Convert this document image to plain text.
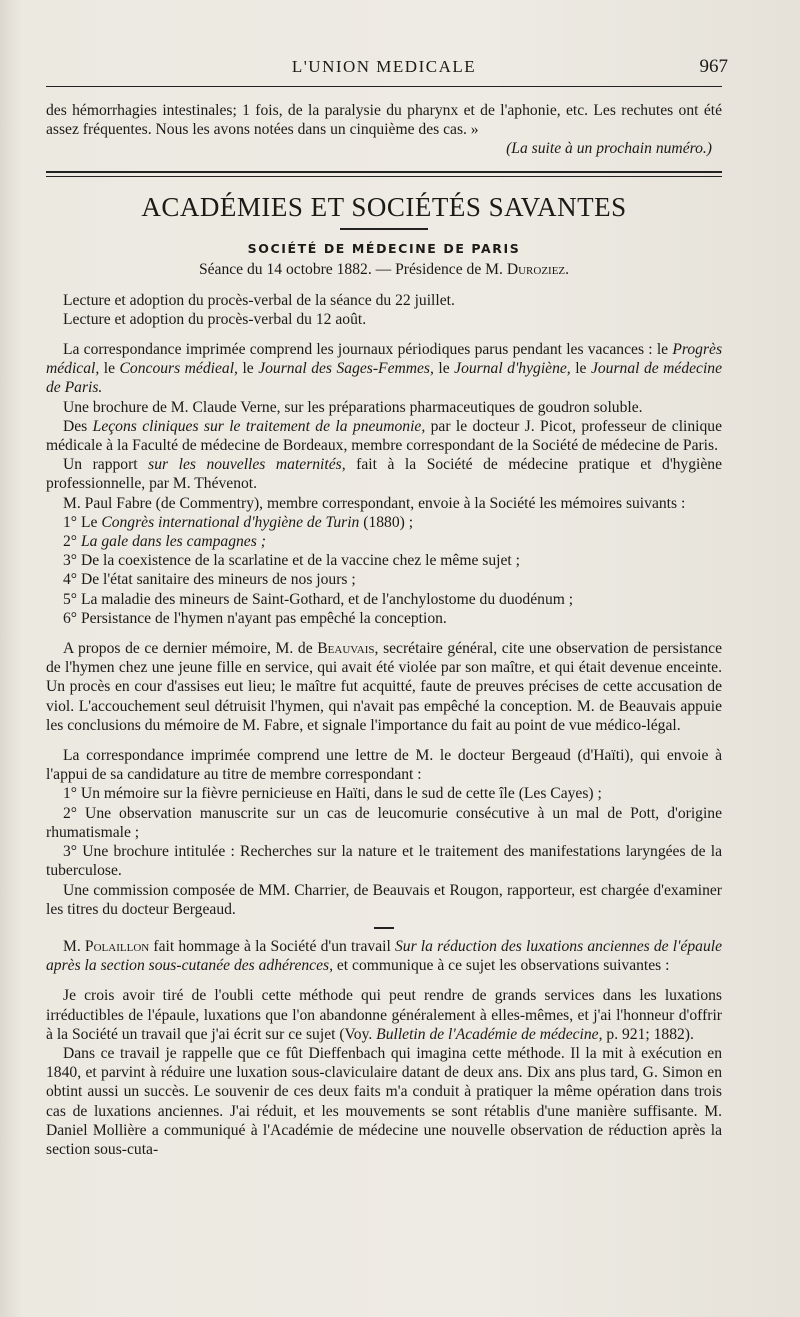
L'UNION MEDICALE	967

des hémorrhagies intestinales; 1 fois, de la paralysie du pharynx et de l'aphonie, etc. Les rechutes ont été assez fréquentes. Nous les avons notées dans un cinquième des cas. »

(La suite à un prochain numéro.)

ACADÉMIES ET SOCIÉTÉS SAVANTES
SOCIÉTÉ DE MÉDECINE DE PARIS
Séance du 14 octobre 1882. — Présidence de M. Duroziez.

Lecture et adoption du procès-verbal de la séance du 22 juillet.

Lecture et adoption du procès-verbal du 12 août.

La correspondance imprimée comprend les journaux périodiques parus pendant les vacances : le Progrès médical, le Concours médieal, le Journal des Sages-Femmes, le Journal d'hygiène, le Journal de médecine de Paris.

Une brochure de M. Claude Verne, sur les préparations pharmaceutiques de goudron soluble.

Des Leçons cliniques sur le traitement de la pneumonie, par le docteur J. Picot, professeur de clinique médicale à la Faculté de médecine de Bordeaux, membre correspondant de la Société de médecine de Paris.

Un rapport sur les nouvelles maternités, fait à la Société de médecine pratique et d'hygiène professionnelle, par M. Thévenot.

M. Paul Fabre (de Commentry), membre correspondant, envoie à la Société les mémoires suivants :

1° Le Congrès international d'hygiène de Turin (1880) ;

2° La gale dans les campagnes ;

3° De la coexistence de la scarlatine et de la vaccine chez le même sujet ;

4° De l'état sanitaire des mineurs de nos jours ;

5° La maladie des mineurs de Saint-Gothard, et de l'anchylostome du duodénum ;

6° Persistance de l'hymen n'ayant pas empêché la conception.

A propos de ce dernier mémoire, M. de Beauvais, secrétaire général, cite une observation de persistance de l'hymen chez une jeune fille en service, qui avait été violée par son maître, et qui était devenue enceinte. Un procès en cour d'assises eut lieu; le maître fut acquitté, faute de preuves précises de cette accusation de viol. L'accouchement seul détruisit l'hymen, qui n'avait pas empêché la conception. M. de Beauvais appuie les conclusions du mémoire de M. Fabre, et signale l'importance du fait au point de vue médico-légal.

La correspondance imprimée comprend une lettre de M. le docteur Bergeaud (d'Haïti), qui envoie à l'appui de sa candidature au titre de membre correspondant :

1° Un mémoire sur la fièvre pernicieuse en Haïti, dans le sud de cette île (Les Cayes) ;

2° Une observation manuscrite sur un cas de leucomurie consécutive à un mal de Pott, d'origine rhumatismale ;

3° Une brochure intitulée : Recherches sur la nature et le traitement des manifestations laryngées de la tuberculose.

Une commission composée de MM. Charrier, de Beauvais et Rougon, rapporteur, est chargée d'examiner les titres du docteur Bergeaud.

M. Polaillon fait hommage à la Société d'un travail Sur la réduction des luxations anciennes de l'épaule après la section sous-cutanée des adhérences, et communique à ce sujet les observations suivantes :

Je crois avoir tiré de l'oubli cette méthode qui peut rendre de grands services dans les luxations irréductibles de l'épaule, luxations que l'on abandonne généralement à elles-mêmes, et j'ai l'honneur d'offrir à la Société un travail que j'ai écrit sur ce sujet (Voy. Bulletin de l'Académie de médecine, p. 921; 1882).

Dans ce travail je rappelle que ce fût Dieffenbach qui imagina cette méthode. Il la mit à exécution en 1840, et parvint à réduire une luxation sous-claviculaire datant de deux ans. Dix ans plus tard, G. Simon en obtint aussi un succès. Le souvenir de ces deux faits m'a conduit à pratiquer la même opération dans trois cas de luxations anciennes. J'ai réduit, et les mouvements se sont rétablis d'une manière suffisante. M. Daniel Mollière a communiqué à l'Académie de médecine une nouvelle observation de réduction après la section sous-cuta-
